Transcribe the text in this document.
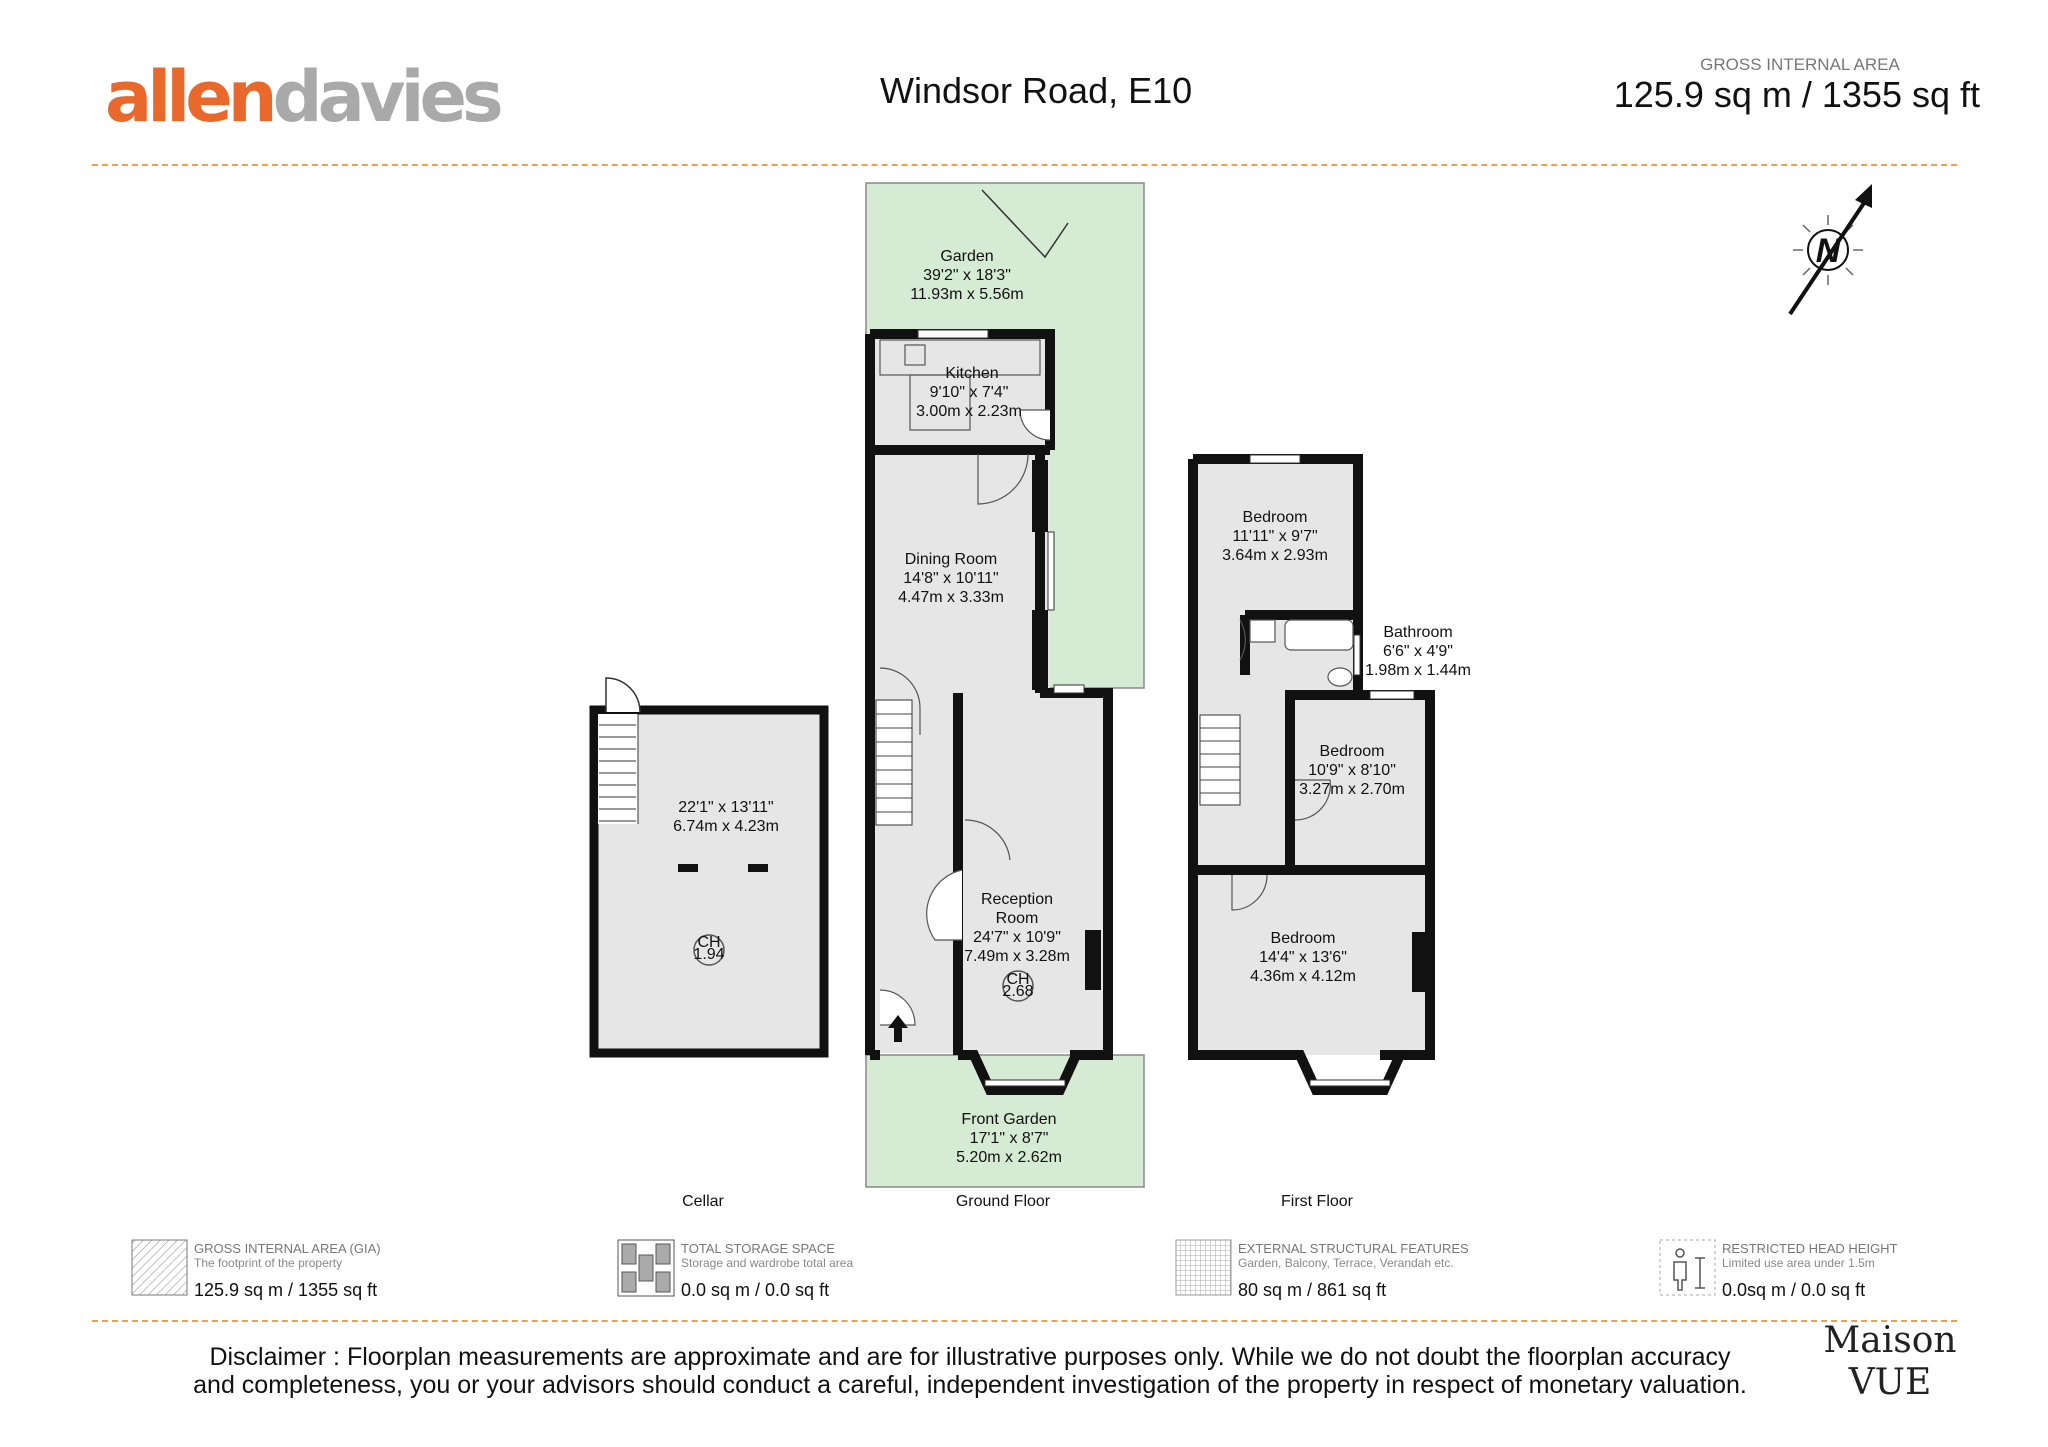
allendavies	Windsor Road, E10
GROSS INTERNAL AREA
125.9 sq m / 1355 sq ft
N
CH
1.94
22'1" x 13'11"
6.74m x 4.23m
CH
2.68
Garden
39'2" x 18'3"
11.93m x 5.56m
Kitchen
9'10" x 7'4"
3.00m x 2.23m
Dining Room
14'8" x 10'11"
4.47m x 3.33m
Reception
Room
24'7" x 10'9"
7.49m x 3.28m
Front Garden
17'1" x 8'7"
5.20m x 2.62m
Bedroom
11'11" x 9'7"
3.64m x 2.93m
Bathroom
6'6" x 4'9"
1.98m x 1.44m
Bedroom
10'9" x 8'10"
3.27m x 2.70m
Bedroom
14'4" x 13'6"
4.36m x 4.12m
Cellar	Ground Floor	First Floor
GROSS INTERNAL AREA (GIA)
The footprint of the property
125.9 sq m / 1355 sq ft
TOTAL STORAGE SPACE
Storage and wardrobe total area
0.0 sq m / 0.0 sq ft
EXTERNAL STRUCTURAL FEATURES
Garden, Balcony, Terrace, Verandah etc.
80 sq m / 861 sq ft
RESTRICTED HEAD HEIGHT
Limited use area under 1.5m
0.0sq m / 0.0 sq ft
Disclaimer : Floorplan measurements are approximate and are for illustrative purposes only. While we do not doubt the floorplan accuracy
and completeness, you or your advisors should conduct a careful, independent investigation of the property in respect of monetary valuation.
Maison
VUE
